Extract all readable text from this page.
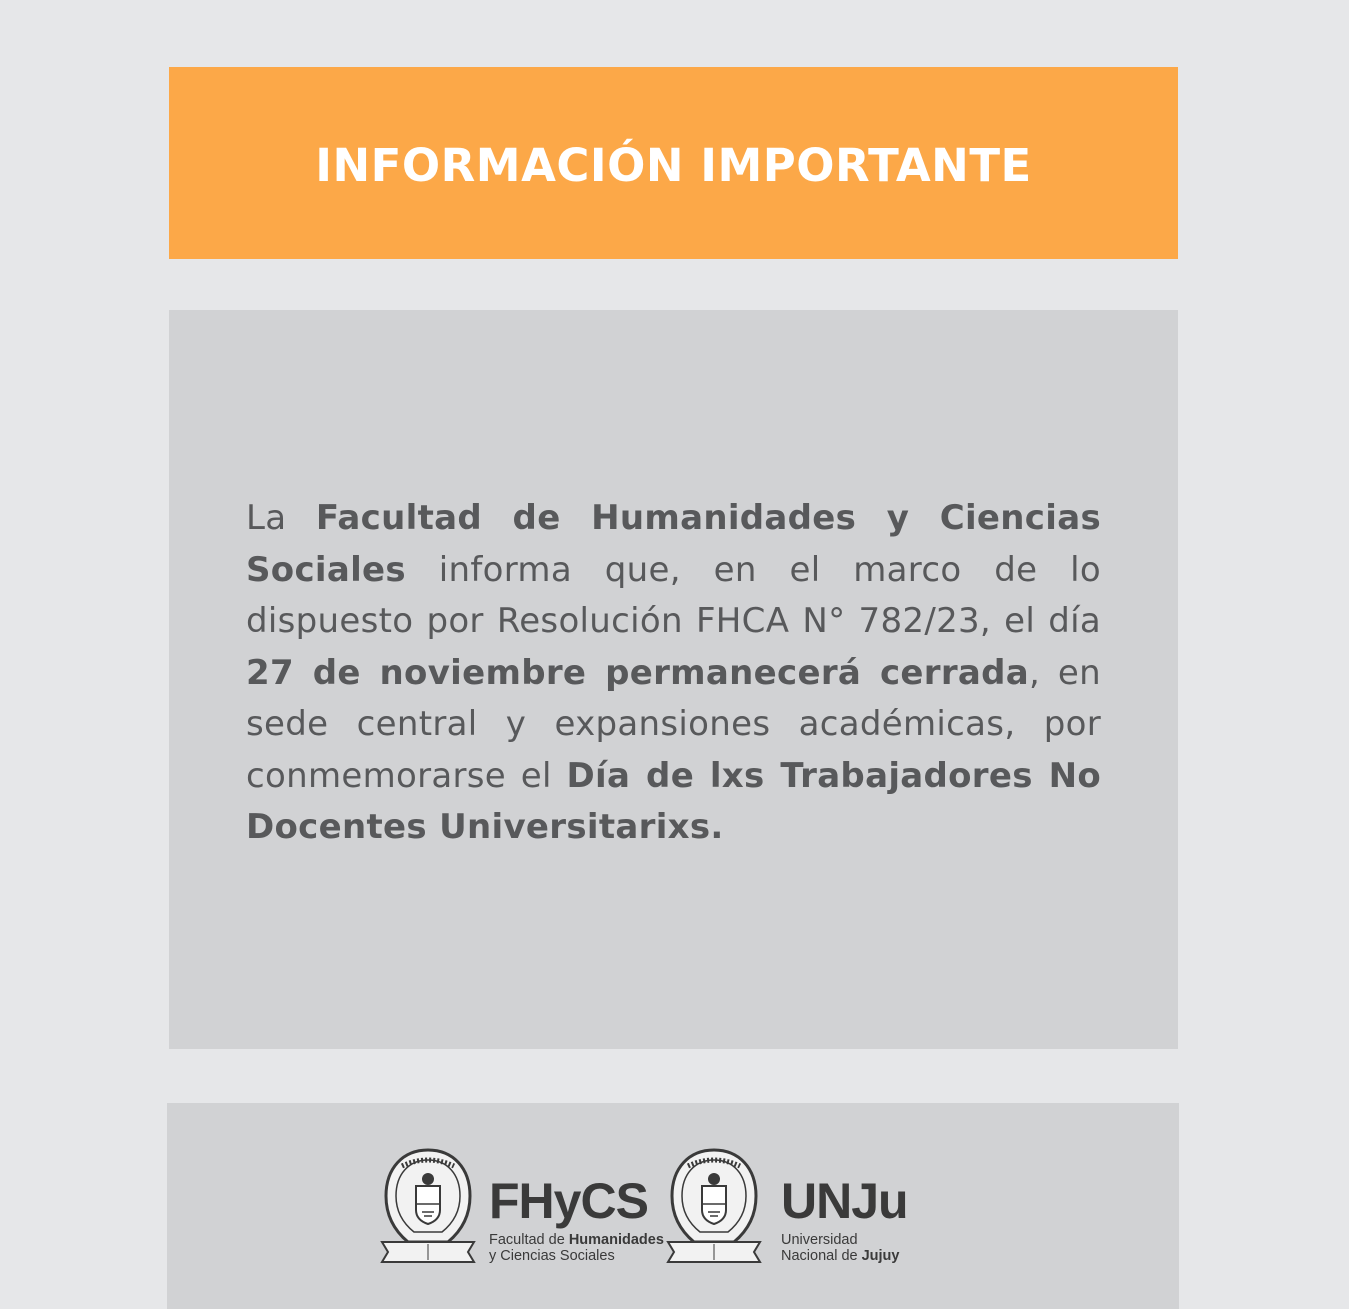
INFORMACIÓN IMPORTANTE

La Facultad de Humanidades y Ciencias Sociales informa que, en el marco de lo dispuesto por Resolución FHCA N° 782/23, el día 27 de noviembre permanecerá cerrada, en sede central y expansiones académicas, por conmemorarse el Día de lxs Trabajadores No Docentes Universitarixs.

FHyCS
Facultad de Humanidades
y Ciencias Sociales
UNJu
Universidad
Nacional de Jujuy
